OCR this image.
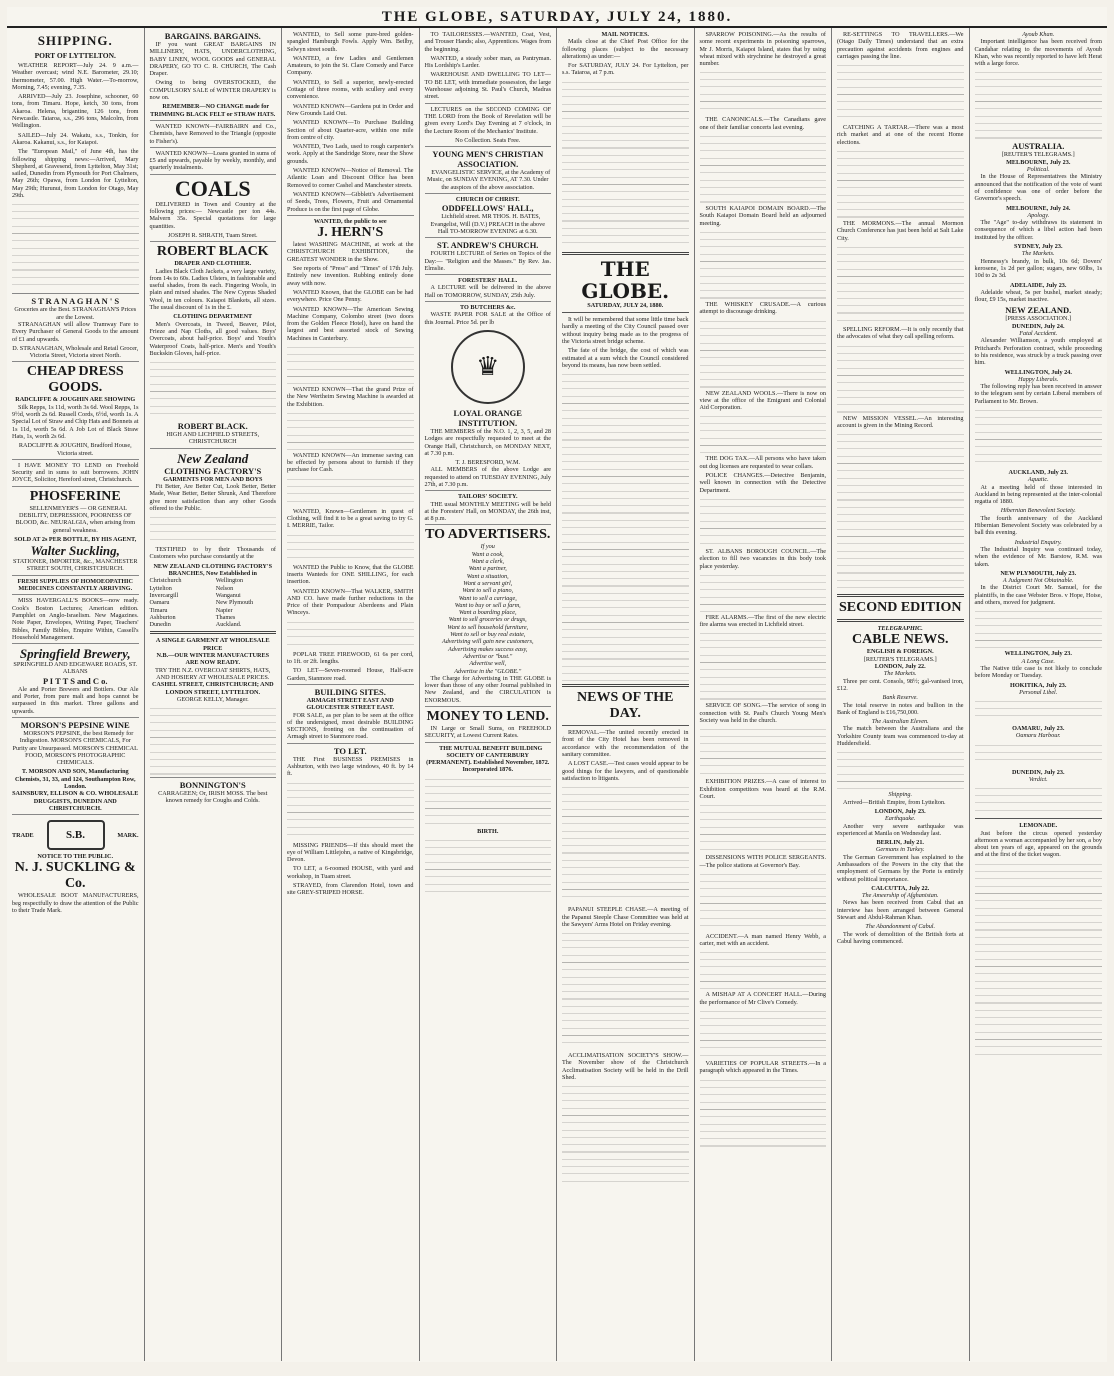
THE GLOBE, SATURDAY, JULY 24, 1880.
SHIPPING.
PORT OF LYTTELTON.

WEATHER REPORT—July 24. 9 a.m.—Weather overcast; wind N.E. Barometer, 29.10; thermometer, 57.00. High Water.—To-morrow, Morning, 7.45; evening, 7.35.

ARRIVED—July 23. Josephine, schooner, 60 tons, from Timaru. Hope, ketch, 30 tons, from Akaroa. Helena, brigantine, 126 tons, from Newcastle. Taiaroa, s.s., 296 tons, Malcolm, from Wellington.

SAILED—July 24. Wakatu, s.s., Tonkin, for Akaroa. Kakanui, s.s., for Kaiapoi.

The "European Mail," of June 4th, has the following shipping news:—Arrived, Mary Shepherd, at Gravesend, from Lyttelton, May 31st; sailed, Dunedin from Plymouth for Port Chalmers, May 26th; Opawa, from London for Lyttelton, May 29th; Hurunui, from London for Otago, May 29th.

S T R A N A G H A N ' S
Groceries are the Best. STRANAGHAN'S Prices are the Lowest.

STRANAGHAN will allow Tramway Fare to Every Purchaser of General Goods to the amount of £1 and upwards.

D. STRANAGHAN, Wholesale and Retail Grocer, Victoria Street, Victoria street North.
CHEAP DRESS GOODS.
RADCLIFFE & JOUGHIN ARE SHOWING

Silk Repps, 1s 11d, worth 3s 6d. Wool Repps, 1s 9½d, worth 2s 6d. Russell Cords, 6½d, worth 1s. A Special Lot of Straw and Chip Hats and Bonnets at 1s 11d, worth 5s 6d. A Job Lot of Black Straw Hats, 1s, worth 2s 6d.

RADCLIFFE & JOUGHIN, Bradford House, Victoria street.

I HAVE MONEY TO LEND on Freehold Security and in sums to suit borrowers. JOHN JOYCE, Solicitor, Hereford street, Christchurch.

PHOSFERINE

SELLENMEYER'S — OR GENERAL DEBILITY, DEPRESSION, POORNESS OF BLOOD, &c. NEURALGIA, when arising from general weakness.

SOLD AT 2s PER BOTTLE, BY HIS AGENT,
Walter Suckling,
STATIONER, IMPORTER, &c., MANCHESTER STREET SOUTH, CHRISTCHURCH.
FRESH SUPPLIES OF HOMOEOPATHIC MEDICINES CONSTANTLY ARRIVING.

MISS HAVERGALL'S BOOKS—now ready. Cook's Boston Lectures; American edition. Pamphlet on Anglo-Israelism. New Magazines. Note Paper, Envelopes, Writing Paper, Teachers' Bibles, Family Bibles, Enquire Within, Cassell's Household Management.

Springfield Brewery,
SPRINGFIELD AND EDGEWARE ROADS, ST. ALBANS
P I T T S and C o.

Ale and Porter Brewers and Bottlers. Our Ale and Porter, from pure malt and hops cannot be surpassed in this market. Three gallons and upwards.

MORSON'S PEPSINE WINE

MORSON'S PEPSINE, the best Remedy for Indigestion. MORSON'S CHEMICALS, For Purity are Unsurpassed. MORSON'S CHEMICAL FOOD, MORSON'S PHOTOGRAPHIC CHEMICALS.

T. MORSON AND SON, Manufacturing Chemists, 31, 33, and 124, Southampton Row, London.
SAINSBURY, ELLISON & CO. WHOLESALE DRUGGISTS, DUNEDIN AND CHRISTCHURCH.
TRADE	S.B.	MARK.
NOTICE TO THE PUBLIC.
N. J. SUCKLING & Co.

WHOLESALE BOOT MANUFACTURERS, beg respectfully to draw the attention of the Public to their Trade Mark.

BARGAINS. BARGAINS.

IF you want GREAT BARGAINS IN MILLINERY, HATS, UNDERCLOTHING, BABY LINEN, WOOL GOODS and GENERAL DRAPERY, GO TO C. R. CHURCH, The Cash Draper.

Owing to being OVERSTOCKED, the COMPULSORY SALE of WINTER DRAPERY is now on.

REMEMBER—NO CHANGE made for TRIMMING BLACK FELT or STRAW HATS.

WANTED KNOWN—FAIRBAIRN and Co., Chemists, have Removed to the Triangle (opposite to Fisher's).

WANTED KNOWN—Loans granted in sums of £5 and upwards, payable by weekly, monthly, and quarterly instalments.

COALS

DELIVERED in Town and Country at the following prices:— Newcastle per ton 44s. Malvern 35s. Special quotations for large quantities.

JOSEPH R. SHRATH, Tuam Street.
ROBERT BLACK
DRAPER AND CLOTHIER.

Ladies Black Cloth Jackets, a very large variety, from 14s to 60s. Ladies Ulsters, in fashionable and useful shades, from 8s each. Fingering Wools, in plain and mixed shades. The New Cyprus Shaded Wool, in ten colours. Kaiapoi Blankets, all sizes. The usual discount of 1s in the £.

CLOTHING DEPARTMENT

Men's Overcoats, in Tweed, Beaver, Pilot, Frieze and Nap Cloths, all good values. Boys' Overcoats, about half-price. Boys' and Youth's Waterproof Coats, half-price. Men's and Youth's Buckskin Gloves, half-price.

ROBERT BLACK.
HIGH AND LICHFIELD STREETS, CHRISTCHURCH
New Zealand
CLOTHING FACTORY'S
GARMENTS FOR MEN AND BOYS

Fit Better, Are Better Cut, Look Better, Better Made, Wear Better, Better Shrunk, And Therefore give more satisfaction than any other Goods offered to the Public.

TESTIFIED to by their Thousands of Customers who purchase constantly at the

NEW ZEALAND CLOTHING FACTORY'S BRANCHES, Now Established in
Christchurch	Wellington
Lyttelton	Nelson
Invercargill	Wanganui
Oamaru	New Plymouth
Timaru	Napier
Ashburton	Thames
Dunedin	Auckland.
A SINGLE GARMENT AT WHOLESALE PRICE
N.B.—OUR WINTER MANUFACTURES ARE NOW READY.
TRY THE N.Z. OVERCOAT SHIRTS, HATS, AND HOSIERY AT WHOLESALE PRICES.
CASHEL STREET, CHRISTCHURCH; AND LONDON STREET, LYTTELTON.
GEORGE KELLY, Manager.
BONNINGTON'S
CARRAGEEN; Or, IRISH MOSS. The best known remedy for Coughs and Colds.

WANTED, to Sell some pure-bred golden-spangled Hamburgh Fowls. Apply Wm. Beilby, Selwyn street south.

WANTED, a few Ladies and Gentlemen Amateurs, to join the St. Clare Comedy and Farce Company.

WANTED, to Sell a superior, newly-erected Cottage of three rooms, with scullery and every convenience.

WANTED KNOWN—Gardens put in Order and New Grounds Laid Out.

WANTED KNOWN—To Purchase Building Section of about Quarter-acre, within one mile from centre of city.

WANTED, Two Lads, used to rough carpenter's work. Apply at the Sandridge Store, near the Show grounds.

WANTED KNOWN—Notice of Removal. The Atlantic Loan and Discount Office has been Removed to corner Cashel and Manchester streets.

WANTED KNOWN—Gibblett's Advertisement of Seeds, Trees, Flowers, Fruit and Ornamental Produce is on the first page of Globe.

WANTED, the public to see
J. HERN'S

latest WASHING MACHINE, at work at the CHRISTCHURCH EXHIBITION, the GREATEST WONDER in the Show.

See reports of "Press" and "Times" of 17th July. Entirely new invention. Rubbing entirely done away with now.

WANTED Known, that the GLOBE can be had everywhere. Price One Penny.

WANTED KNOWN—The American Sewing Machine Company, Colombo street (two doors from the Golden Fleece Hotel), have on hand the largest and best assorted stock of Sewing Machines in Canterbury.

WANTED KNOWN—That the grand Prize of the New Wertheim Sewing Machine is awarded at the Exhibition.

WANTED KNOWN—An immense saving can be effected by persons about to furnish if they purchase for Cash.

WANTED, Known—Gentlemen in quest of Clothing, will find it to be a great saving to try G. I. MERRIE, Tailor.

WANTED the Public to Know, that the GLOBE inserts Wanteds for ONE SHILLING, for each insertion.

WANTED KNOWN—That WALKER, SMITH AND CO. have made further reductions in the Price of their Pompadour Aberdeens and Plain Winceys.

POPLAR TREE FIREWOOD, 61 6s per cord, to 1ft. or 2ft. lengths.

TO LET—Seven-roomed House, Half-acre Garden, Stanmore road.

BUILDING SITES.
ARMAGH STREET EAST AND GLOUCESTER STREET EAST.

FOR SALE, as per plan to be seen at the office of the undersigned, most desirable BUILDING SECTIONS, fronting on the continuation of Armagh street to Stanmore road.

TO LET.

THE First BUSINESS PREMISES in Ashburton, with two large windows, 40 ft. by 14 ft.

MISSING FRIENDS—If this should meet the eye of William Littlejohn, a native of Kingsbridge, Devon.

TO LET, a 6-roomed HOUSE, with yard and workshop, in Tuam street.

STRAYED, from Clarendon Hotel, town and site GREY-STRIPED HORSE.

TO TAILORESSES.—WANTED, Coat, Vest, and Trouser Hands; also, Apprentices. Wages from the beginning.

WANTED, a steady sober man, as Pantryman. His Lordship's Larder.

WAREHOUSE AND DWELLING TO LET—TO BE LET, with immediate possession, the large Warehouse adjoining St. Paul's Church, Madras street.

LECTURES on the SECOND COMING OF THE LORD from the Book of Revelation will be given every Lord's Day Evening at 7 o'clock, in the Lecture Room of the Mechanics' Institute.

No Collection. Seats Free.
YOUNG MEN'S CHRISTIAN ASSOCIATION.

EVANGELISTIC SERVICE, at the Academy of Music, on SUNDAY EVENING, AT 7.30. Under the auspices of the above association.

CHURCH OF CHRIST.
ODDFELLOWS' HALL,

Lichfield street. MR THOS. H. BATES, Evangelist, Will (D.V.) PREACH in the above Hall TO-MORROW EVENING at 6.30.

ST. ANDREW'S CHURCH.

FOURTH LECTURE of Series on Topics of the Day:— "Religion and the Masses." By Rev. Jas. Elmslie.

FORESTERS' HALL.

A LECTURE will be delivered in the above Hall on TOMORROW, SUNDAY, 25th July.

TO BUTCHERS &c.

WASTE PAPER FOR SALE at the Office of this Journal. Price 5d. per lb

♛
LOYAL ORANGE INSTITUTION.

THE MEMBERS of the N.O. 1, 2, 3, 5, and 28 Lodges are respectfully requested to meet at the Orange Hall, Christchurch, on MONDAY NEXT, at 7.30 p.m.

T. J. BERESFORD, W.M.

ALL MEMBERS of the above Lodge are requested to attend on TUESDAY EVENING, July 27th, at 7.30 p.m.

TAILORS' SOCIETY.

THE usual MONTHLY MEETING will be held at the Foresters' Hall, on MONDAY, the 26th inst, at 8 p.m.

TO ADVERTISERS.
If you
Want a cook,
Want a clerk,
Want a partner,
Want a situation,
Want a servant girl,
Want to sell a piano,
Want to sell a carriage,
Want to buy or sell a farm,
Want a boarding place,
Want to sell groceries or drugs,
Want to sell household furniture,
Want to sell or buy real estate,
Advertising will gain new customers,
Advertising makes success easy,
Advertise or "bust."
Advertise well,
Advertise in the "GLOBE."

The Charge for Advertising in THE GLOBE is lower than those of any other Journal published in New Zealand, and the CIRCULATION is ENORMOUS.

MONEY TO LEND.

IN Large or Small Sums, on FREEHOLD SECURITY, at Lowest Current Rates.

THE MUTUAL BENEFIT BUILDING SOCIETY OF CANTERBURY (PERMANENT). Established November, 1872. Incorporated 1876.

BIRTH.
MAIL NOTICES.

Mails close at the Chief Post Office for the following places (subject to the necessary alterations) as under:—

For SATURDAY, JULY 24. For Lyttelton, per s.s. Taiaroa, at 7 p.m.

THE GLOBE.
SATURDAY, JULY 24, 1880.

It will be remembered that some little time back hardly a meeting of the City Council passed over without inquiry being made as to the progress of the Victoria street bridge scheme.

The fate of the bridge, the cost of which was estimated at a sum which the Council considered beyond its means, has now been settled.

NEWS OF THE DAY.

REMOVAL.—The united recently erected in front of the City Hotel has been removed in accordance with the recommendation of the sanitary committee.

A LOST CASE.—Test cases would appear to be good things for the lawyers, and of questionable satisfaction to litigants.

PAPANUI STEEPLE CHASE.—A meeting of the Papanui Steeple Chase Committee was held at the Sawyers' Arms Hotel on Friday evening.

ACCLIMATISATION SOCIETY'S SHOW.—The November show of the Christchurch Acclimatisation Society will be held in the Drill Shed.

SPARROW POISONING.—As the results of some recent experiments in poisoning sparrows, Mr J. Morris, Kaiapoi Island, states that by using wheat mixed with strychnine he destroyed a great number.

THE CANONICALS.—The Canadians gave one of their familiar concerts last evening.

SOUTH KAIAPOI DOMAIN BOARD.—The South Kaiapoi Domain Board held an adjourned meeting.

THE WHISKEY CRUSADE.—A curious attempt to discourage drinking.

NEW ZEALAND WOOLS.—There is now on view at the office of the Emigrant and Colonial Aid Corporation.

THE DOG TAX.—All persons who have taken out dog licenses are requested to wear collars.

POLICE CHANGES.—Detective Benjamin, well known in connection with the Detective Department.

ST. ALBANS BOROUGH COUNCIL.—The election to fill two vacancies in this body took place yesterday.

FIRE ALARMS.—The first of the new electric fire alarms was erected in Lichfield street.

SERVICE OF SONG.—The service of song in connection with St. Paul's Church Young Men's Society was held in the church.

EXHIBITION PRIZES.—A case of interest to Exhibition competitors was heard at the R.M. Court.

DISSENSIONS WITH POLICE SERGEANTS.—The police stations at Governor's Bay.

ACCIDENT.—A man named Henry Webb, a carter, met with an accident.

A MISHAP AT A CONCERT HALL.—During the performance of Mr Clive's Comedy.

VARIETIES OF POPULAR STREETS.—In a paragraph which appeared in the Times.

RE-SETTINGS TO TRAVELLERS.—We (Otago Daily Times) understand that an extra precaution against accidents from engines and carriages passing the line.

CATCHING A TARTAR.—There was a most rich market and at one of the recent Home elections.

THE MORMONS.—The annual Mormon Church Conference has just been held at Salt Lake City.

SPELLING REFORM.—It is only recently that the advocates of what they call spelling reform.

NEW MISSION VESSEL.—An interesting account is given in the Mining Record.

SECOND EDITION
TELEGRAPHIC.
CABLE NEWS.
ENGLISH & FOREIGN.
[REUTER'S TELEGRAMS.]
LONDON, July 22.
The Markets.

Three per cent. Consols, 98½; gal-vanised iron, £12.

Bank Reserve.

The total reserve in notes and bullion in the Bank of England is £16,750,000.

The Australian Eleven.

The match between the Australians and the Yorkshire County team was commenced to-day at Huddersfield.

Shipping.

Arrived—British Empire, from Lyttelton.

LONDON, July 23.
Earthquake.

Another very severe earthquake was experienced at Manila on Wednesday last.

BERLIN, July 21.
Germans in Turkey.

The German Government has explained to the Ambassadors of the Powers in the city that the employment of Germans by the Porte is entirely without political importance.

CALCUTTA, July 22.
The Ameership of Afghanistan.

News has been received from Cabul that an interview has been arranged between General Stewart and Abdul-Rahman Khan.

The Abandonment of Cabul.

The work of demolition of the British forts at Cabul having commenced.

Ayoub Khan.

Important intelligence has been received from Candahar relating to the movements of Ayoub Khan, who was recently reported to have left Herat with a large force.

AUSTRALIA.
[REUTER'S TELEGRAMS.]
MELBOURNE, July 23.
Political.

In the House of Representatives the Ministry announced that the notification of the vote of want of confidence was one of order before the Governor's speech.

MELBOURNE, July 24.
Apology.

The "Age" to-day withdraws its statement in consequence of which a libel action had been instituted by the officer.

SYDNEY, July 23.
The Markets.

Hennessy's brandy, in bulk, 10s 6d; Dovers' kerosene, 1s 2d per gallon; sugars, new 60lbs, 1s 10d to 2s 3d.

ADELAIDE, July 23.

Adelaide wheat, 5s per bushel, market steady; flour, £9 15s, market inactive.

NEW ZEALAND.
[PRESS ASSOCIATION.]
DUNEDIN, July 24.
Fatal Accident.

Alexander Williamson, a youth employed at Pritchard's Perforation contract, while proceeding to his residence, was struck by a truck passing over him.

WELLINGTON, July 24.
Happy Liberals.

The following reply has been received in answer to the telegram sent by certain Liberal members of Parliament to Mr. Brown.

AUCKLAND, July 23.
Aquatic.

At a meeting held of those interested in Auckland in being represented at the inter-colonial regatta of 1880.

Hibernian Benevolent Society.

The fourth anniversary of the Auckland Hibernian Benevolent Society was celebrated by a ball this evening.

Industrial Enquiry.

The Industrial Inquiry was continued today, when the evidence of Mr. Barstow, R.M. was taken.

NEW PLYMOUTH, July 23.
A Judgment Not Obtainable.

In the District Court Mr. Samuel, for the plaintiffs, in the case Webster Bros. v Hope, Hoise, and others, moved for judgment.

WELLINGTON, July 23.
A Long Case.

The Native title case is not likely to conclude before Monday or Tuesday.

HOKITIKA, July 23.
Personal Libel.
OAMARU, July 23.
Oamaru Harbour.
DUNEDIN, July 23.
Verdict.
LEMONADE.

Just before the circus opened yesterday afternoon a woman accompanied by her son, a boy about ten years of age, appeared on the grounds and at the first of the ticket wagon.
